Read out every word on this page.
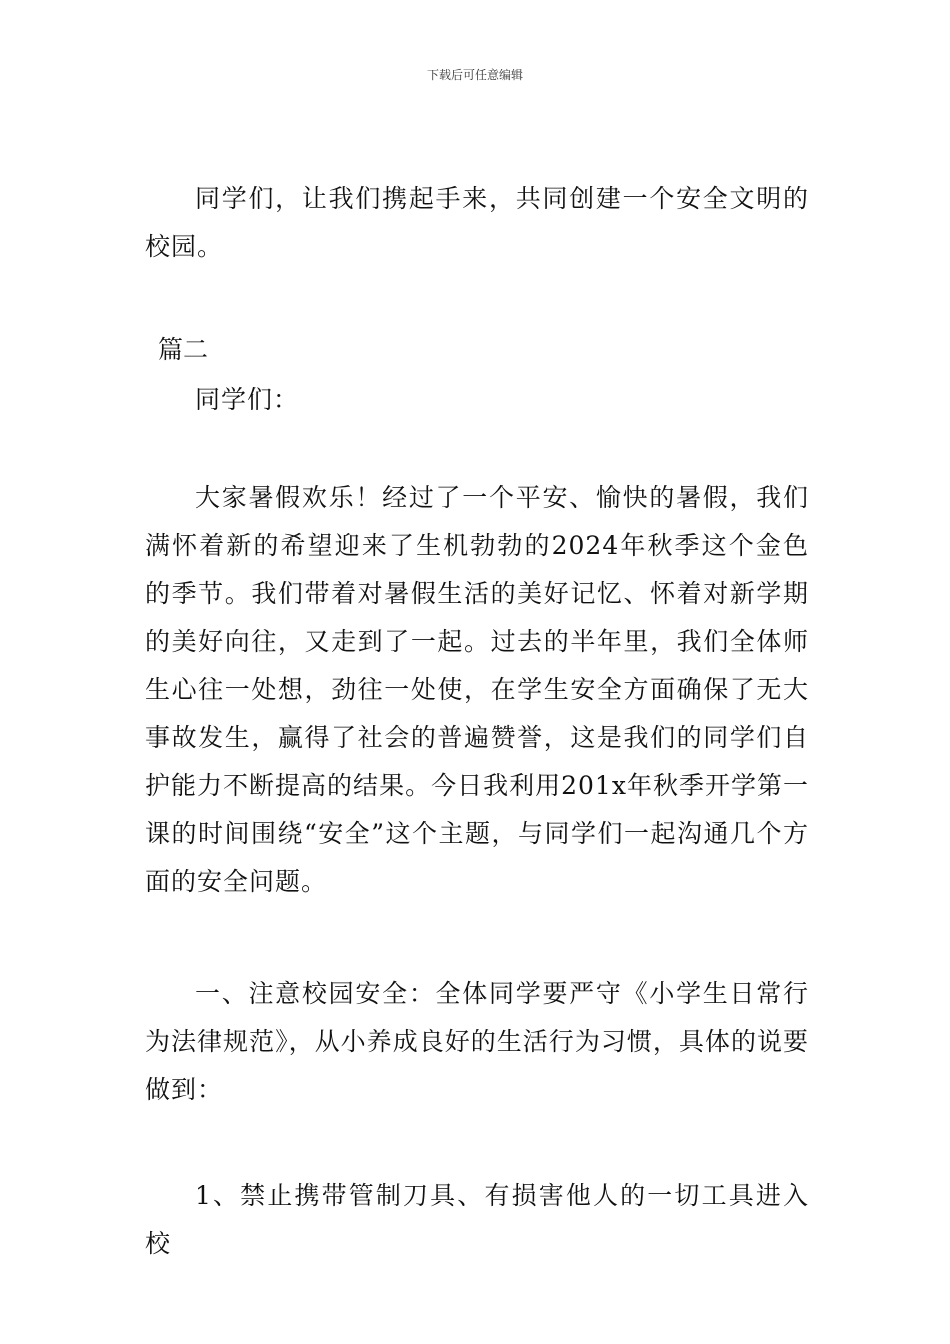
下载后可任意编辑

同学们，让我们携起手来，共同创建一个安全文明的校园。

篇二

同学们：

大家暑假欢乐！经过了一个平安、愉快的暑假，我们满怀着新的希望迎来了生机勃勃的2024年秋季这个金色的季节。我们带着对暑假生活的美好记忆、怀着对新学期的美好向往，又走到了一起。过去的半年里，我们全体师生心往一处想，劲往一处使，在学生安全方面确保了无大事故发生，赢得了社会的普遍赞誉，这是我们的同学们自护能力不断提高的结果。今日我利用201x年秋季开学第一课的时间围绕“安全”这个主题，与同学们一起沟通几个方面的安全问题。

一、注意校园安全：全体同学要严守《小学生日常行为法律规范》，从小养成良好的生活行为习惯，具体的说要做到：

1、禁止携带管制刀具、有损害他人的一切工具进入校
